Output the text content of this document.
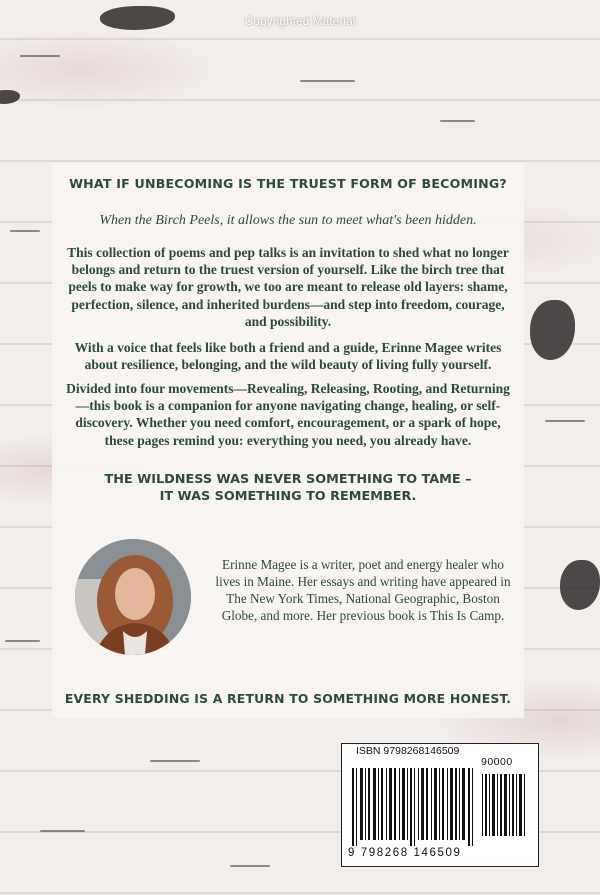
Copyrighted Material
WHAT IF UNBECOMING IS THE TRUEST FORM OF BECOMING?
When the Birch Peels, it allows the sun to meet what's been hidden.
This collection of poems and pep talks is an invitation to shed what no longer belongs and return to the truest version of yourself. Like the birch tree that peels to make way for growth, we too are meant to release old layers: shame, perfection, silence, and inherited burdens—and step into freedom, courage, and possibility.
With a voice that feels like both a friend and a guide, Erinne Magee writes about resilience, belonging, and the wild beauty of living fully yourself.
Divided into four movements—Revealing, Releasing, Rooting, and Returning—this book is a companion for anyone navigating change, healing, or self-discovery. Whether you need comfort, encouragement, or a spark of hope, these pages remind you: everything you need, you already have.
THE WILDNESS WAS NEVER SOMETHING TO TAME –
IT WAS SOMETHING TO REMEMBER.
Erinne Magee is a writer, poet and energy healer who lives in Maine. Her essays and writing have appeared in The New York Times, National Geographic, Boston Globe, and more. Her previous book is This Is Camp.
EVERY SHEDDING IS A RETURN TO SOMETHING MORE HONEST.
ISBN 9798268146509
90000
9 798268 146509
